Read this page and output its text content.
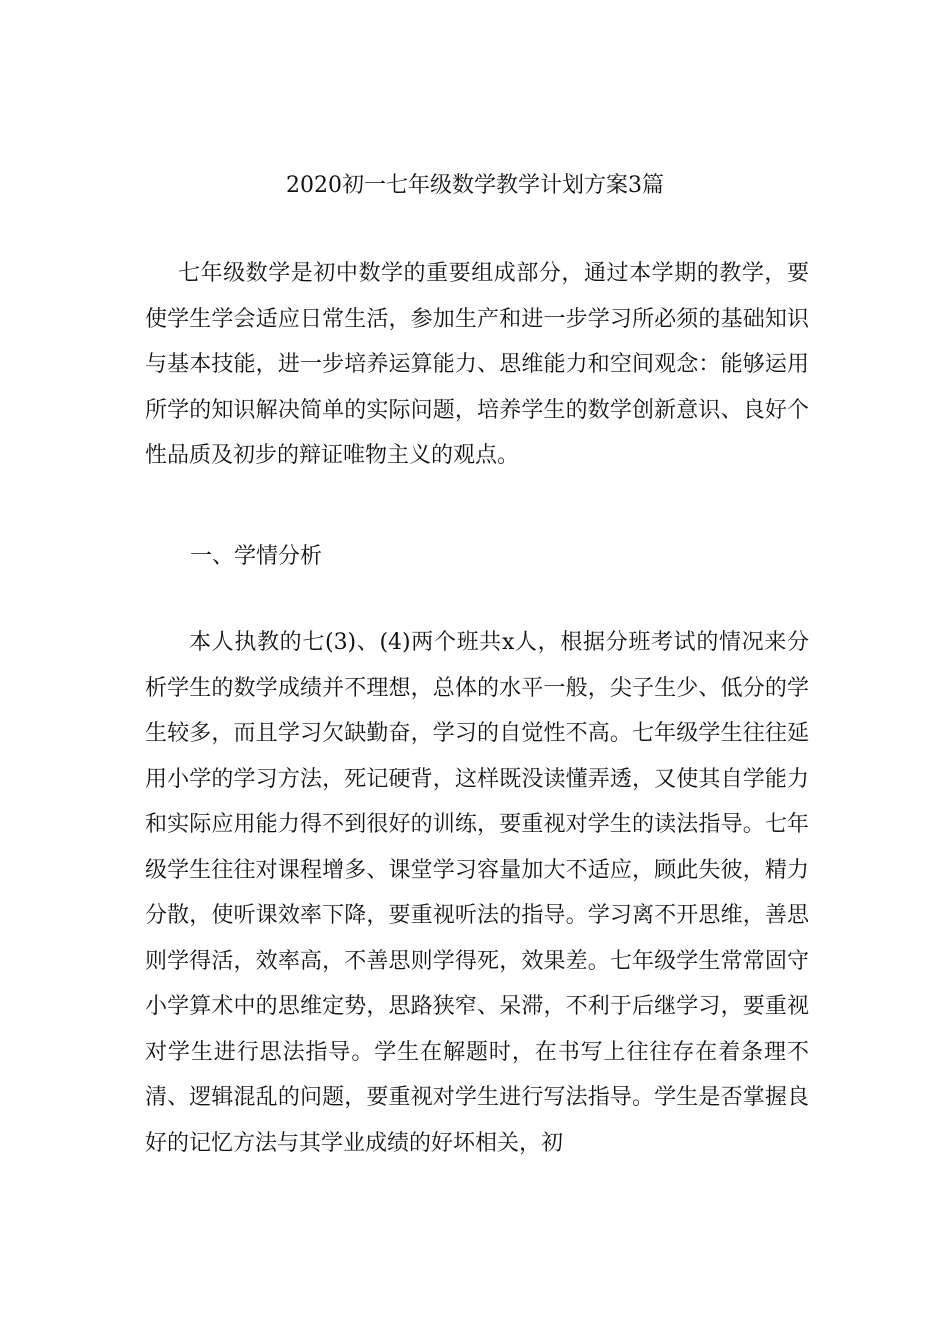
2020初一七年级数学教学计划方案3篇

七年级数学是初中数学的重要组成部分，通过本学期的教学，要使学生学会适应日常生活，参加生产和进一步学习所必须的基础知识与基本技能，进一步培养运算能力、思维能力和空间观念：能够运用所学的知识解决简单的实际问题，培养学生的数学创新意识、良好个性品质及初步的辩证唯物主义的观点。

一、学情分析

本人执教的七(3)、(4)两个班共x人，根据分班考试的情况来分析学生的数学成绩并不理想，总体的水平一般，尖子生少、低分的学生较多，而且学习欠缺勤奋，学习的自觉性不高。七年级学生往往延用小学的学习方法，死记硬背，这样既没读懂弄透，又使其自学能力和实际应用能力得不到很好的训练，要重视对学生的读法指导。七年级学生往往对课程增多、课堂学习容量加大不适应，顾此失彼，精力分散，使听课效率下降，要重视听法的指导。学习离不开思维，善思则学得活，效率高，不善思则学得死，效果差。七年级学生常常固守小学算术中的思维定势，思路狭窄、呆滞，不利于后继学习，要重视对学生进行思法指导。学生在解题时，在书写上往往存在着条理不清、逻辑混乱的问题，要重视对学生进行写法指导。学生是否掌握良好的记忆方法与其学业成绩的好坏相关，初
